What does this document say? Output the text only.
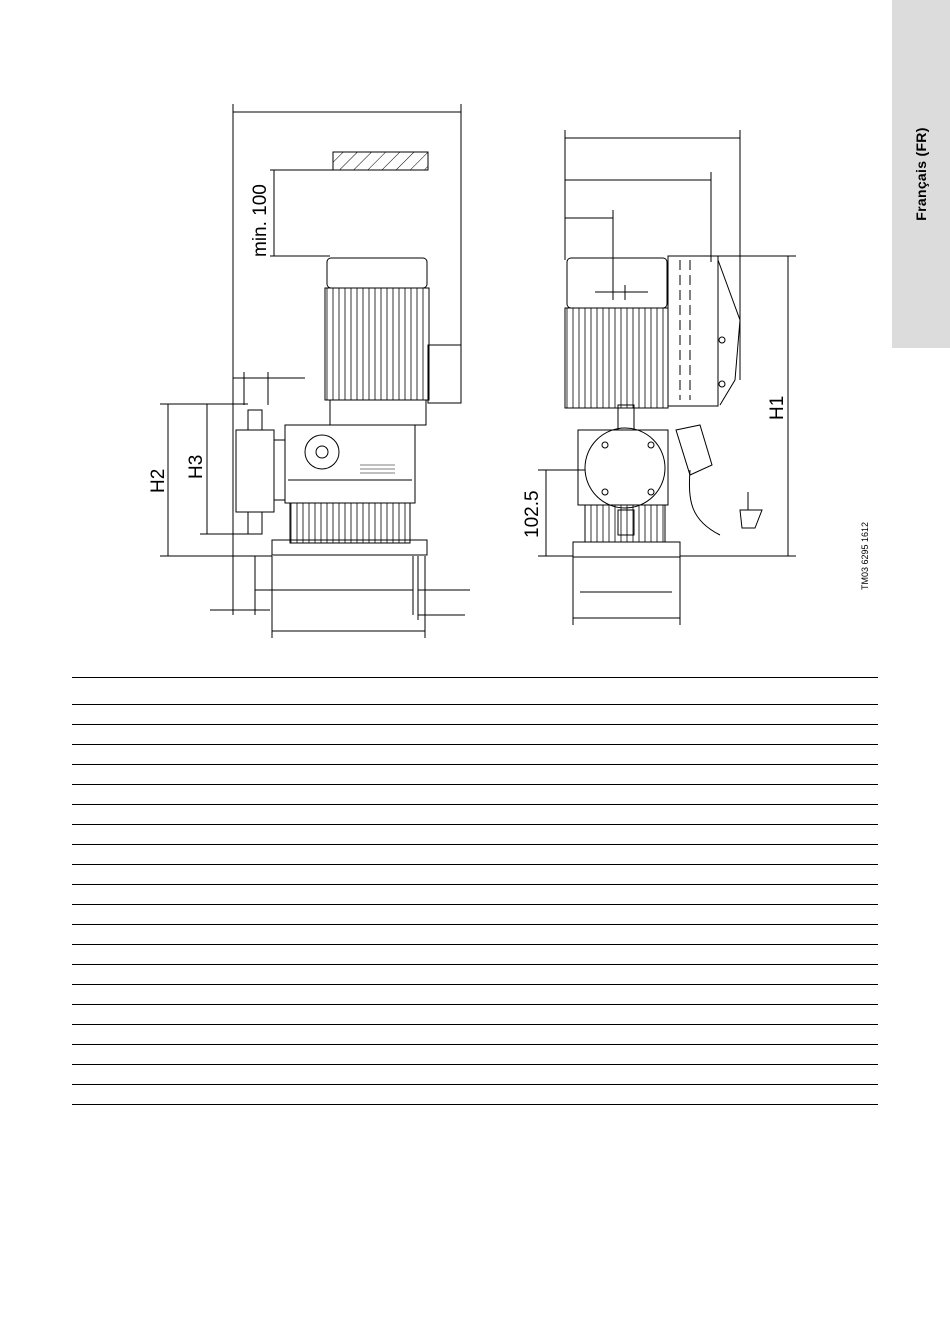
Français (FR)
min. 100
H2
H3
102.5
H1
TM03 6295 1612
